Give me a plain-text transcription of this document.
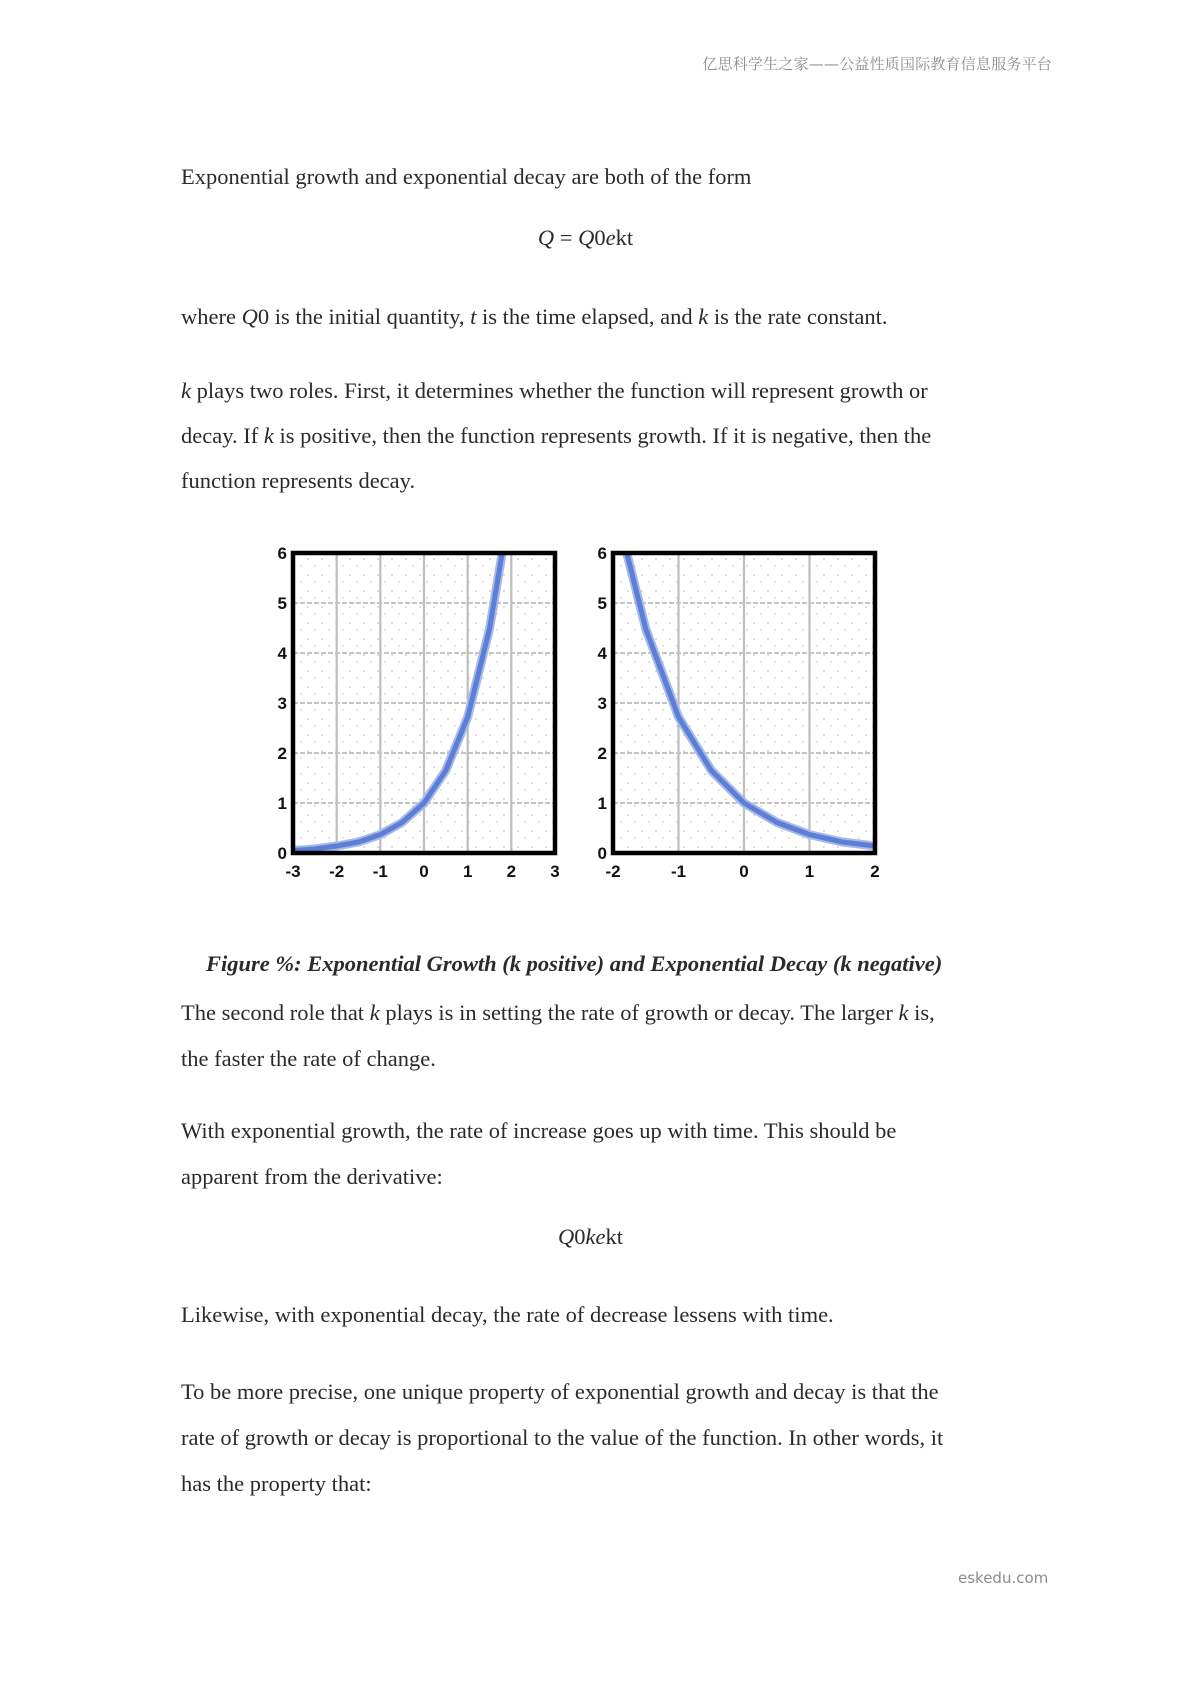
亿思科学生之家——公益性质国际教育信息服务平台
Exponential growth and exponential decay are both of the form
Q = Q0ekt
where Q0 is the initial quantity, t is the time elapsed, and k is the rate constant.
k plays two roles. First, it determines whether the function will represent growth or
decay. If k is positive, then the function represents growth. If it is negative, then the
function represents decay.
6
5
4
3
2
1
0
-3 -2 -1 0 1 2 3
6
5
4
3
2
1
0
-2	-1	0	1	2
Figure %: Exponential Growth (k positive) and Exponential Decay (k negative)
The second role that k plays is in setting the rate of growth or decay. The larger k is,
the faster the rate of change.
With exponential growth, the rate of increase goes up with time. This should be
apparent from the derivative:
Q0kekt
Likewise, with exponential decay, the rate of decrease lessens with time.
To be more precise, one unique property of exponential growth and decay is that the
rate of growth or decay is proportional to the value of the function. In other words, it
has the property that:
eskedu.com
